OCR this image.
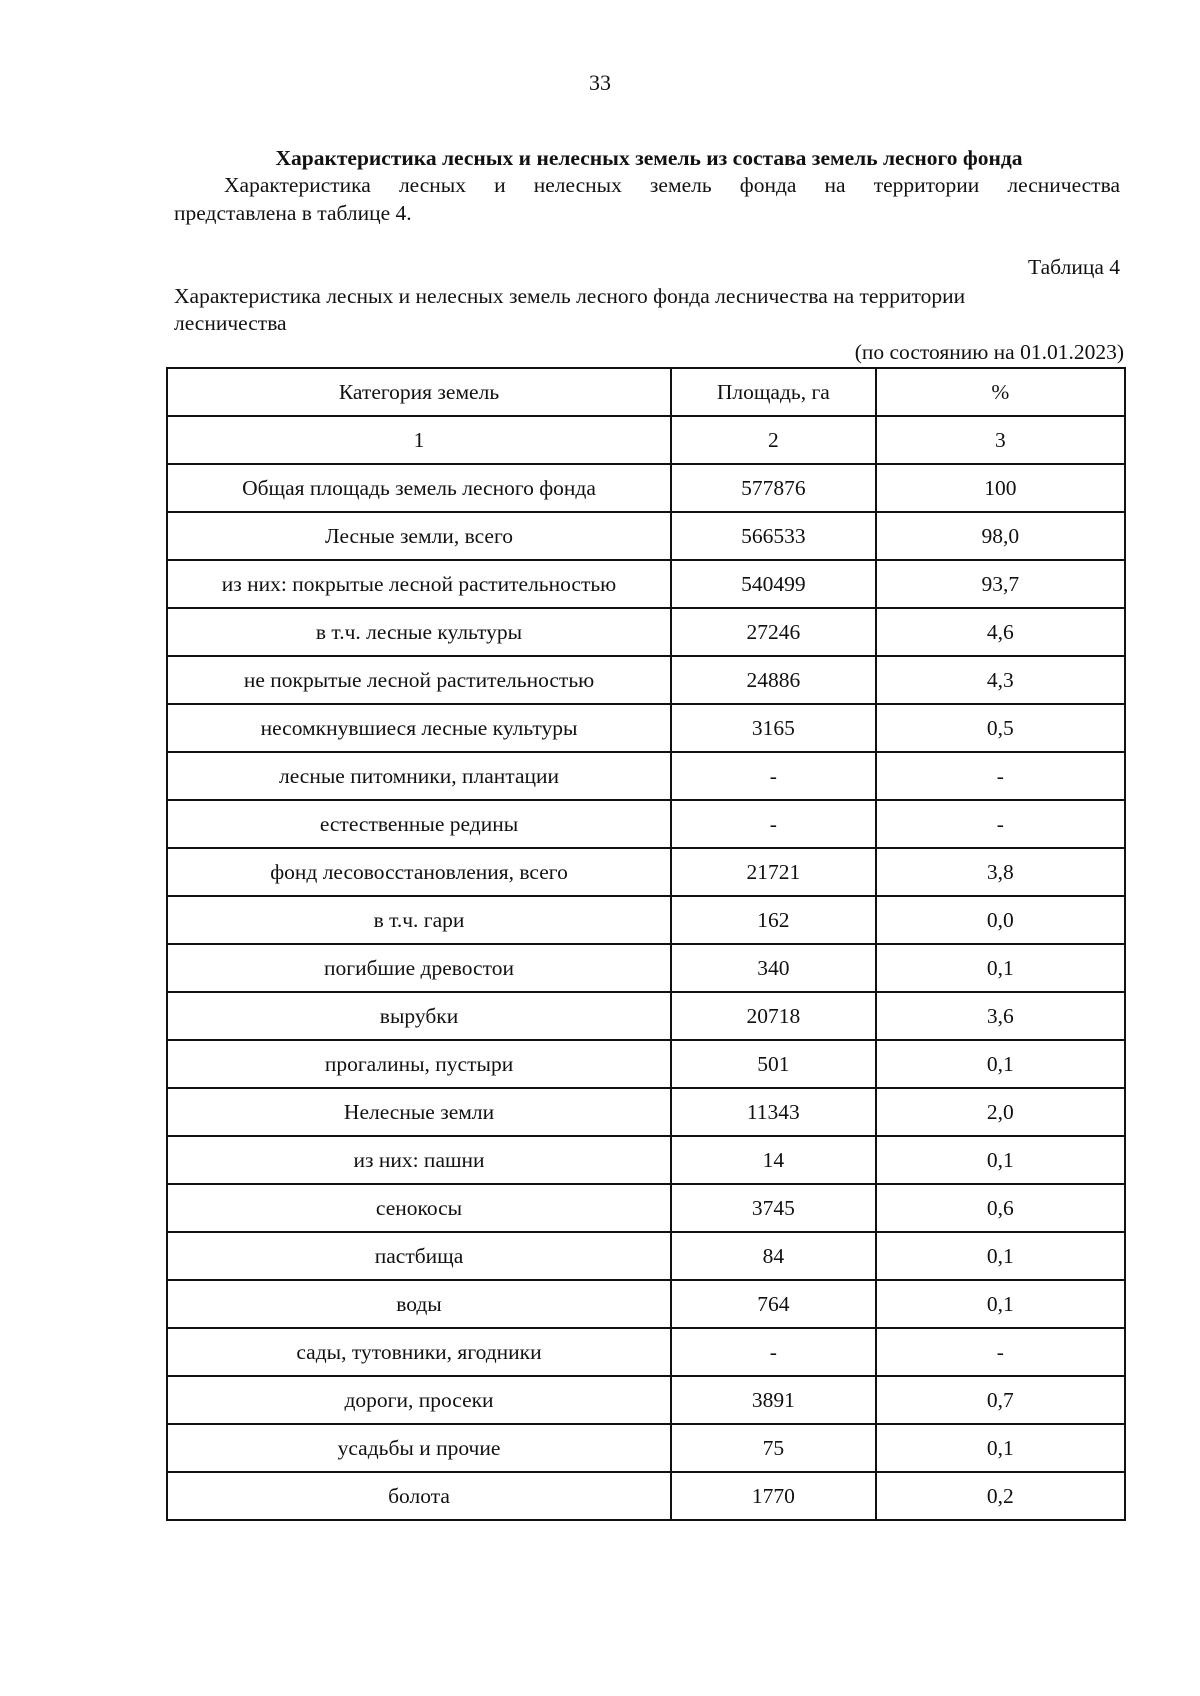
33
Характеристика лесных и нелесных земель из состава земель лесного фонда
Характеристика лесных и нелесных земель фонда на территории лесничества
представлена в таблице 4.
Таблица 4
Характеристика лесных и нелесных земель лесного фонда лесничества на территории
лесничества
(по состоянию на 01.01.2023)
Категория земель	Площадь, га	%
1	2	3
Общая площадь земель лесного фонда	577876	100
Лесные земли, всего	566533	98,0
из них: покрытые лесной растительностью	540499	93,7
в т.ч. лесные культуры	27246	4,6
не покрытые лесной растительностью	24886	4,3
несомкнувшиеся лесные культуры	3165	0,5
лесные питомники, плантации	-	-
естественные редины	-	-
фонд лесовосстановления, всего	21721	3,8
в т.ч. гари	162	0,0
погибшие древостои	340	0,1
вырубки	20718	3,6
прогалины, пустыри	501	0,1
Нелесные земли	11343	2,0
из них: пашни	14	0,1
сенокосы	3745	0,6
пастбища	84	0,1
воды	764	0,1
сады, тутовники, ягодники	-	-
дороги, просеки	3891	0,7
усадьбы и прочие	75	0,1
болота	1770	0,2
